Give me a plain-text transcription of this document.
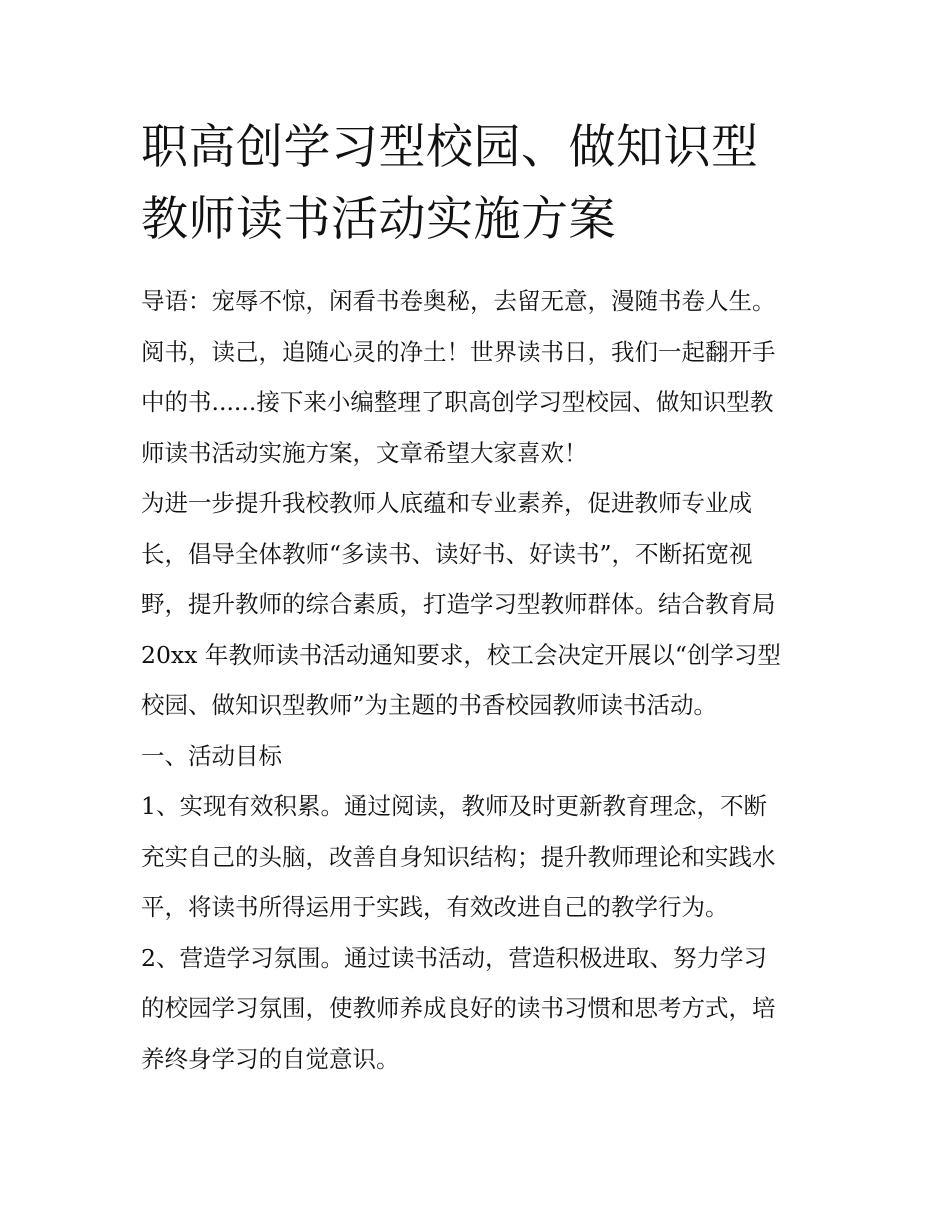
职高创学习型校园、做知识型
教师读书活动实施方案

导语：宠辱不惊，闲看书卷奥秘，去留无意，漫随书卷人生。
阅书，读己，追随心灵的净土！世界读书日，我们一起翻开手
中的书......接下来小编整理了职高创学习型校园、做知识型教
师读书活动实施方案，文章希望大家喜欢！

为进一步提升我校教师人底蕴和专业素养，促进教师专业成
长，倡导全体教师“多读书、读好书、好读书”，不断拓宽视
野，提升教师的综合素质，打造学习型教师群体。结合教育局
20xx 年教师读书活动通知要求，校工会决定开展以“创学习型
校园、做知识型教师”为主题的书香校园教师读书活动。

一、活动目标

1、实现有效积累。通过阅读，教师及时更新教育理念，不断
充实自己的头脑，改善自身知识结构；提升教师理论和实践水
平，将读书所得运用于实践，有效改进自己的教学行为。

2、营造学习氛围。通过读书活动，营造积极进取、努力学习
的校园学习氛围，使教师养成良好的读书习惯和思考方式，培
养终身学习的自觉意识。
